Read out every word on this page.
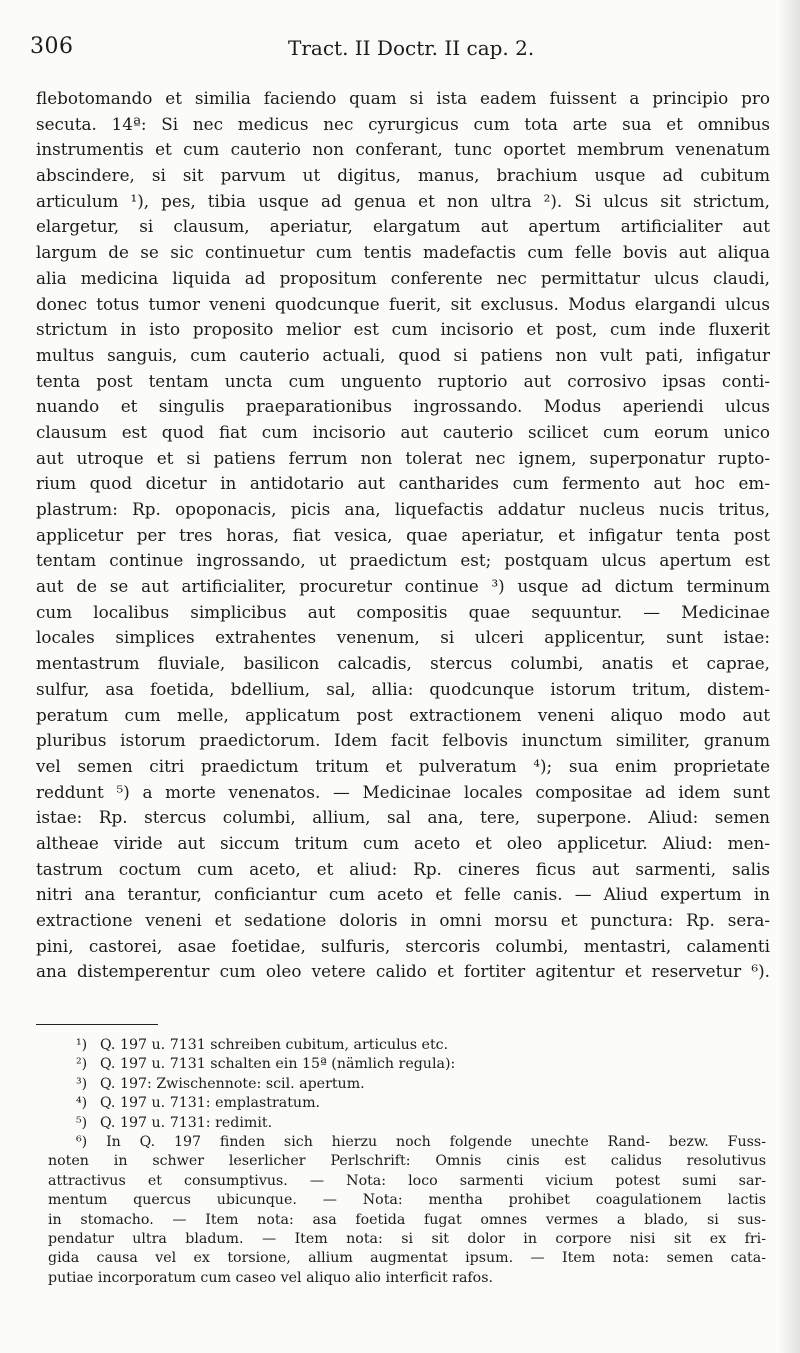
306	Tract. II Doctr. II cap. 2.
flebotomando et similia faciendo quam si ista eadem fuissent a principio pro
secuta. 14ª: Si nec medicus nec cyrurgicus cum tota arte sua et omnibus
instrumentis et cum cauterio non conferant, tunc oportet membrum venenatum
abscindere, si sit parvum ut digitus, manus, brachium usque ad cubitum
articulum ¹), pes, tibia usque ad genua et non ultra ²). Si ulcus sit strictum,
elargetur, si clausum, aperiatur, elargatum aut apertum artificialiter aut
largum de se sic continuetur cum tentis madefactis cum felle bovis aut aliqua
alia medicina liquida ad propositum conferente nec permittatur ulcus claudi,
donec totus tumor veneni quodcunque fuerit, sit exclusus. Modus elargandi ulcus
strictum in isto proposito melior est cum incisorio et post, cum inde fluxerit
multus sanguis, cum cauterio actuali, quod si patiens non vult pati, infigatur
tenta post tentam uncta cum unguento ruptorio aut corrosivo ipsas conti-
nuando et singulis praeparationibus ingrossando. Modus aperiendi ulcus
clausum est quod fiat cum incisorio aut cauterio scilicet cum eorum unico
aut utroque et si patiens ferrum non tolerat nec ignem, superponatur rupto-
rium quod dicetur in antidotario aut cantharides cum fermento aut hoc em-
plastrum: Rp. opoponacis, picis ana, liquefactis addatur nucleus nucis tritus,
applicetur per tres horas, fiat vesica, quae aperiatur, et infigatur tenta post
tentam continue ingrossando, ut praedictum est; postquam ulcus apertum est
aut de se aut artificialiter, procuretur continue ³) usque ad dictum terminum
cum localibus simplicibus aut compositis quae sequuntur. — Medicinae
locales simplices extrahentes venenum, si ulceri applicentur, sunt istae:
mentastrum fluviale, basilicon calcadis, stercus columbi, anatis et caprae,
sulfur, asa foetida, bdellium, sal, allia: quodcunque istorum tritum, distem-
peratum cum melle, applicatum post extractionem veneni aliquo modo aut
pluribus istorum praedictorum. Idem facit felbovis inunctum similiter, granum
vel semen citri praedictum tritum et pulveratum ⁴); sua enim proprietate
reddunt ⁵) a morte venenatos. — Medicinae locales compositae ad idem sunt
istae: Rp. stercus columbi, allium, sal ana, tere, superpone. Aliud: semen
altheae viride aut siccum tritum cum aceto et oleo applicetur. Aliud: men-
tastrum coctum cum aceto, et aliud: Rp. cineres ficus aut sarmenti, salis
nitri ana terantur, conficiantur cum aceto et felle canis. — Aliud expertum in
extractione veneni et sedatione doloris in omni morsu et punctura: Rp. sera-
pini, castorei, asae foetidae, sulfuris, stercoris columbi, mentastri, calamenti
ana distemperentur cum oleo vetere calido et fortiter agitentur et reservetur ⁶).
¹) Q. 197 u. 7131 schreiben cubitum, articulus etc.
²) Q. 197 u. 7131 schalten ein 15ª (nämlich regula):
³) Q. 197: Zwischennote: scil. apertum.
⁴) Q. 197 u. 7131: emplastratum.
⁵) Q. 197 u. 7131: redimit.
⁶) In Q. 197 finden sich hierzu noch folgende unechte Rand- bezw. Fuss-
noten in schwer leserlicher Perlschrift: Omnis cinis est calidus resolutivus
attractivus et consumptivus. — Nota: loco sarmenti vicium potest sumi sar-
mentum quercus ubicunque. — Nota: mentha prohibet coagulationem lactis
in stomacho. — Item nota: asa foetida fugat omnes vermes a blado, si sus-
pendatur ultra bladum. — Item nota: si sit dolor in corpore nisi sit ex fri-
gida causa vel ex torsione, allium augmentat ipsum. — Item nota: semen cata-
putiae incorporatum cum caseo vel aliquo alio interficit rafos.
